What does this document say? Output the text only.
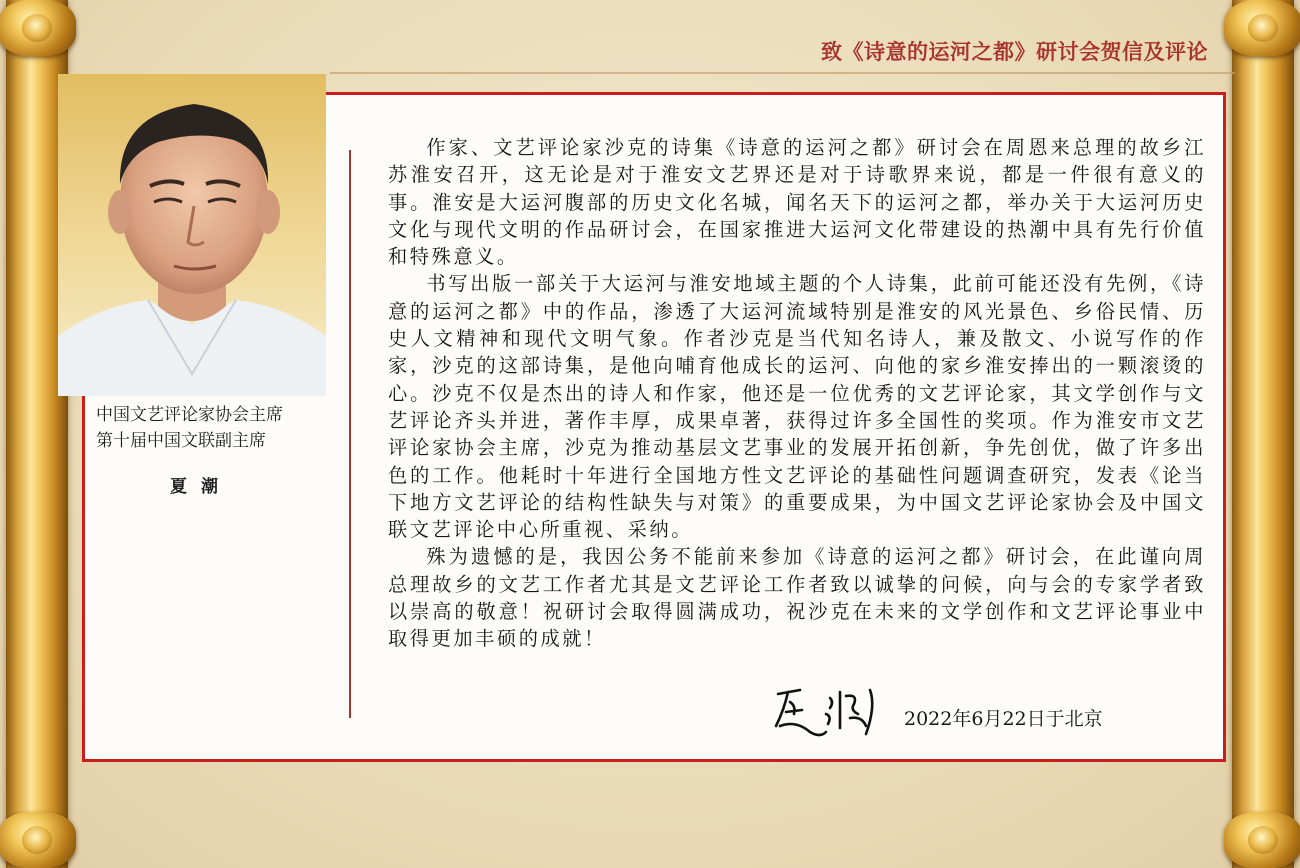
致《诗意的运河之都》研讨会贺信及评论
中国文艺评论家协会主席
第十届中国文联副主席
夏潮

作家、文艺评论家沙克的诗集《诗意的运河之都》研讨会在周恩来总理的故乡江苏淮安召开，这无论是对于淮安文艺界还是对于诗歌界来说，都是一件很有意义的事。淮安是大运河腹部的历史文化名城，闻名天下的运河之都，举办关于大运河历史文化与现代文明的作品研讨会，在国家推进大运河文化带建设的热潮中具有先行价值和特殊意义。

书写出版一部关于大运河与淮安地域主题的个人诗集，此前可能还没有先例，《诗意的运河之都》中的作品，渗透了大运河流域特别是淮安的风光景色、乡俗民情、历史人文精神和现代文明气象。作者沙克是当代知名诗人，兼及散文、小说写作的作家，沙克的这部诗集，是他向哺育他成长的运河、向他的家乡淮安捧出的一颗滚烫的心。沙克不仅是杰出的诗人和作家，他还是一位优秀的文艺评论家，其文学创作与文艺评论齐头并进，著作丰厚，成果卓著，获得过许多全国性的奖项。作为淮安市文艺评论家协会主席，沙克为推动基层文艺事业的发展开拓创新，争先创优，做了许多出色的工作。他耗时十年进行全国地方性文艺评论的基础性问题调查研究，发表《论当下地方文艺评论的结构性缺失与对策》的重要成果，为中国文艺评论家协会及中国文联文艺评论中心所重视、采纳。

殊为遗憾的是，我因公务不能前来参加《诗意的运河之都》研讨会，在此谨向周总理故乡的文艺工作者尤其是文艺评论工作者致以诚挚的问候，向与会的专家学者致以崇高的敬意！祝研讨会取得圆满成功，祝沙克在未来的文学创作和文艺评论事业中取得更加丰硕的成就！

2022年6月22日于北京
